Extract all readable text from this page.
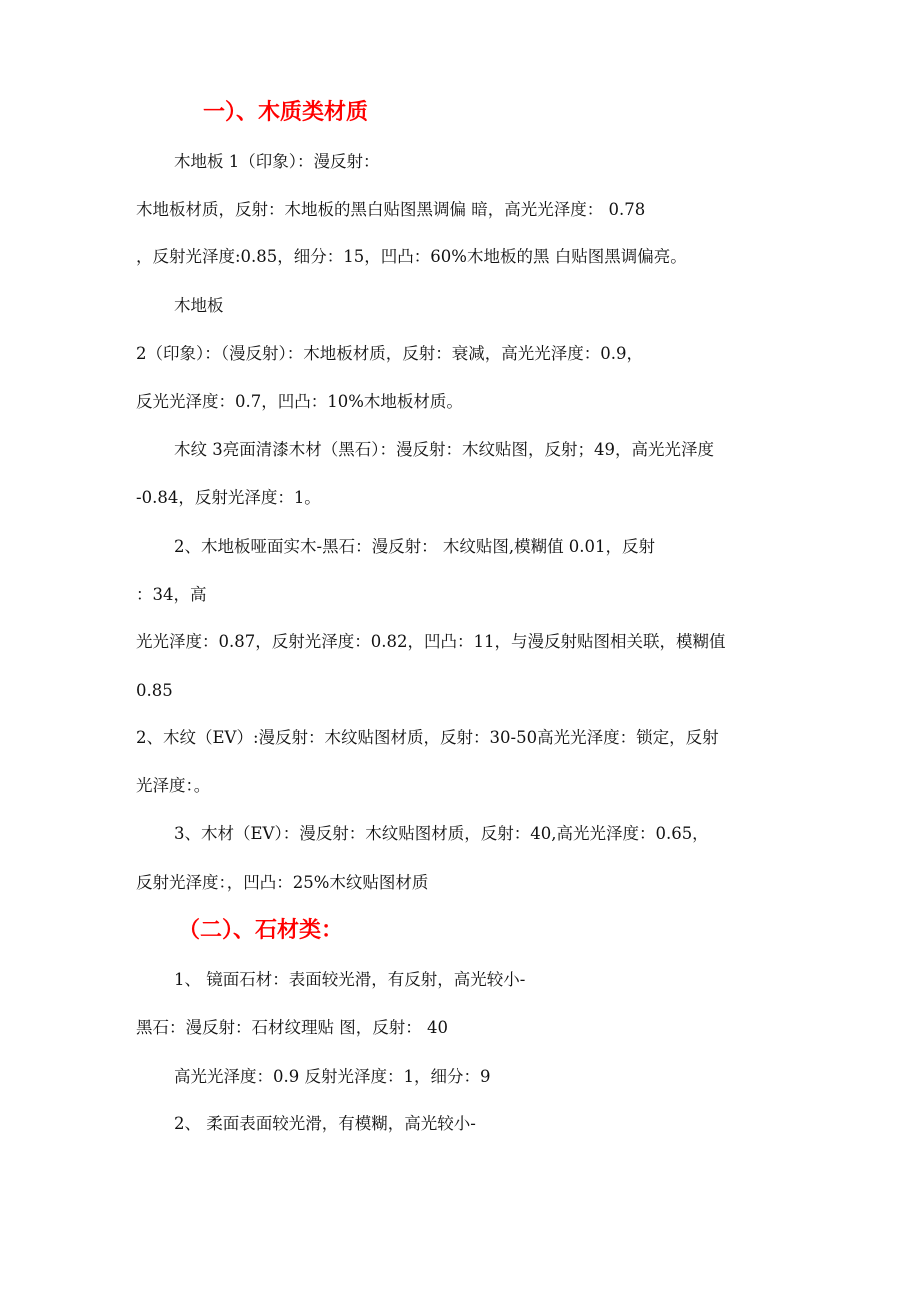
一）、木质类材质
木地板 1（印象）：漫反射：
木地板材质，反射：木地板的黑白贴图黑调偏 暗，高光光泽度： 0.78
，反射光泽度:0.85，细分：15，凹凸：60%木地板的黑 白贴图黑调偏亮。
木地板
2（印象）：（漫反射）：木地板材质，反射：衰减，高光光泽度：0.9，
反光光泽度：0.7，凹凸：10%木地板材质。
木纹 3亮面清漆木材（黑石）：漫反射：木纹贴图，反射；49，高光光泽度
-0.84，反射光泽度：1。
2、木地板哑面实木-黑石：漫反射： 木纹贴图,模糊值 0.01，反射
：34，高
光光泽度：0.87，反射光泽度：0.82，凹凸：11，与漫反射贴图相关联，模糊值
0.85
2、木纹（EV）:漫反射：木纹贴图材质，反射：30-50高光光泽度：锁定，反射
光泽度：。
3、木材（EV）：漫反射：木纹贴图材质，反射：40,高光光泽度：0.65，
反射光泽度：，凹凸：25%木纹贴图材质
（二）、石材类：
1、 镜面石材：表面较光滑，有反射，高光较小-
黑石：漫反射：石材纹理贴 图，反射： 40
高光光泽度：0.9 反射光泽度：1，细分：9
2、 柔面表面较光滑，有模糊，高光较小-
